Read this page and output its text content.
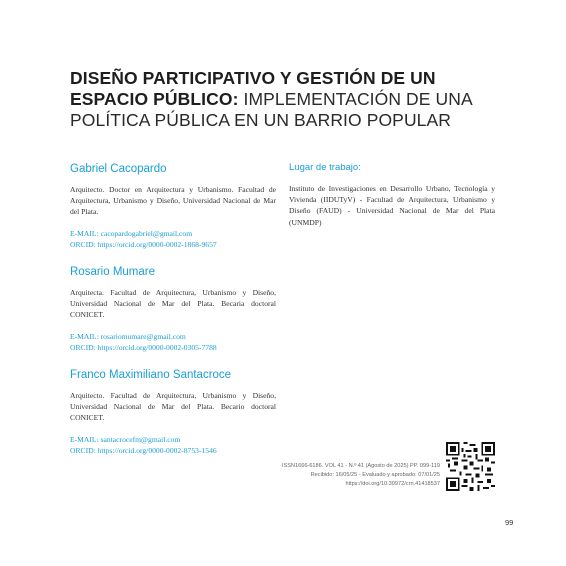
DISEÑO PARTICIPATIVO Y GESTIÓN DE UN ESPACIO PÚBLICO: IMPLEMENTACIÓN DE UNA POLÍTICA PÚBLICA EN UN BARRIO POPULAR

Gabriel Cacopardo

Arquitecto. Doctor en Arquitectura y Urbanismo. Facultad de Arquitectura, Urbanismo y Diseño, Universidad Nacional de Mar del Plata.

E-MAIL: cacopardogabriel@gmail.com

ORCID: https://orcid.org/0000-0002-1868-9657

Rosario Mumare

Arquitecta. Facultad de Arquitectura, Urbanismo y Diseño, Universidad Nacional de Mar del Plata. Becaria doctoral CONICET.

E-MAIL: rosariomumare@gmail.com

ORCID: https://orcid.org/0000-0002-0305-7788

Franco Maximiliano Santacroce

Arquitecto. Facultad de Arquitectura, Urbanismo y Diseño, Universidad Nacional de Mar del Plata. Becario doctoral CONICET.

E-MAIL: santacrocefm@gmail.com

ORCID: https://orcid.org/0000-0002-8753-1546

Lugar de trabajo:

Instituto de Investigaciones en Desarrollo Urbano, Tecnología y Vivienda (IIDUTyV) - Facultad de Arquitectura, Urbanismo y Diseño (FAUD) - Universidad Nacional de Mar del Plata (UNMDP)

ISSN1666-6186. VOL 41 - N.º 41 (Agosto de 2025) PP. 099-119
Recibido: 16/05/25 - Evaluado y aprobado: 07/01/25
https://doi.org/10.30972/crn.41418537
99
